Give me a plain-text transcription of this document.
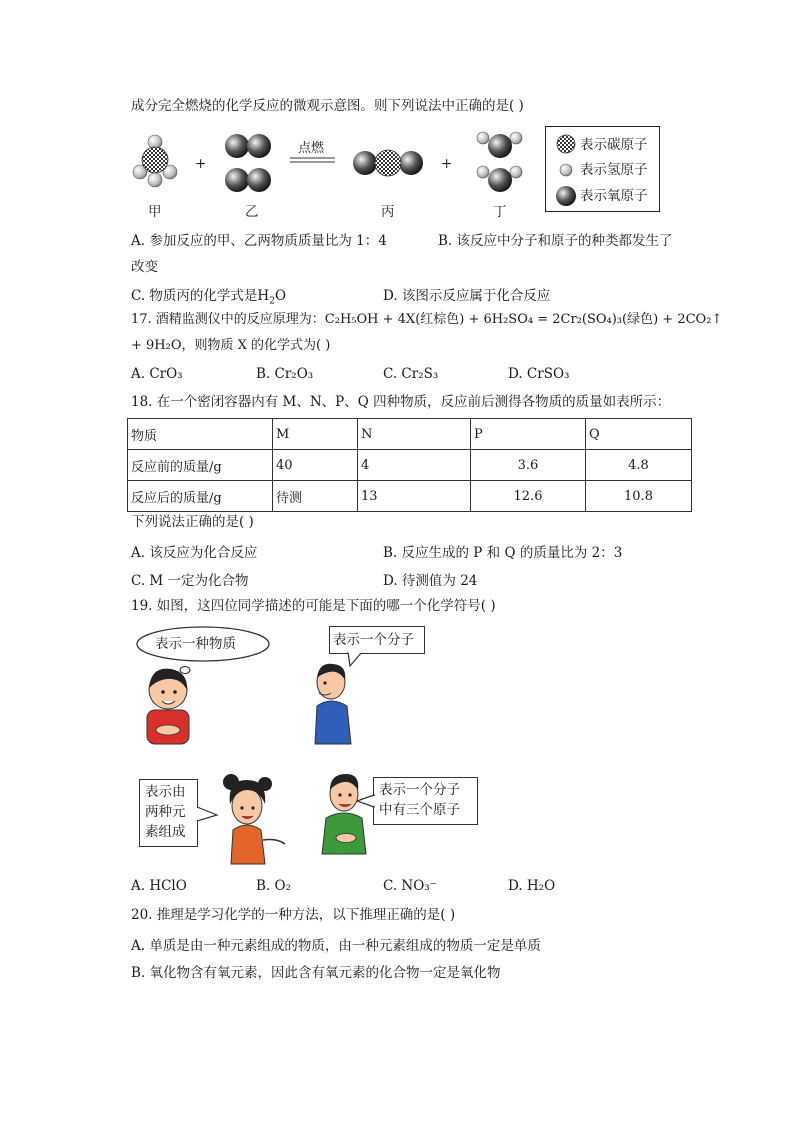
成分完全燃烧的化学反应的微观示意图。则下列说法中正确的是( )
+	+
点燃
甲	乙	丙	丁
表示碳原子
表示氢原子
表示氧原子
A. 参加反应的甲、乙两物质质量比为 1：4	B. 该反应中分子和原子的种类都发生了
改变
C. 物质丙的化学式是$H_2O$	D. 该图示反应属于化合反应
17. 酒精监测仪中的反应原理为：C₂H₅OH + 4X(红棕色) + 6H₂SO₄ = 2Cr₂(SO₄)₃(绿色) + 2CO₂↑
+ 9H₂O，则物质 X 的化学式为( )
A. CrO₃	B. Cr₂O₃	C. Cr₂S₃	D. CrSO₃
18. 在一个密闭容器内有 M、N、P、Q 四种物质，反应前后测得各物质的质量如表所示：
物质	M	N	P	Q
反应前的质量/g	40	4	3.6	4.8
反应后的质量/g	待测	13	12.6	10.8
下列说法正确的是( )
A. 该反应为化合反应	B. 反应生成的 P 和 Q 的质量比为 2：3
C. M 一定为化合物	D. 待测值为 24
19. 如图，这四位同学描述的可能是下面的哪一个化学符号( )
表示一种物质	表示一个分子
表示由
两种元
素组成
表示一个分子
中有三个原子
A. HClO	B. O₂	C. NO₃⁻	D. H₂O
20. 推理是学习化学的一种方法，以下推理正确的是( )
A. 单质是由一种元素组成的物质，由一种元素组成的物质一定是单质
B. 氧化物含有氧元素，因此含有氧元素的化合物一定是氧化物
